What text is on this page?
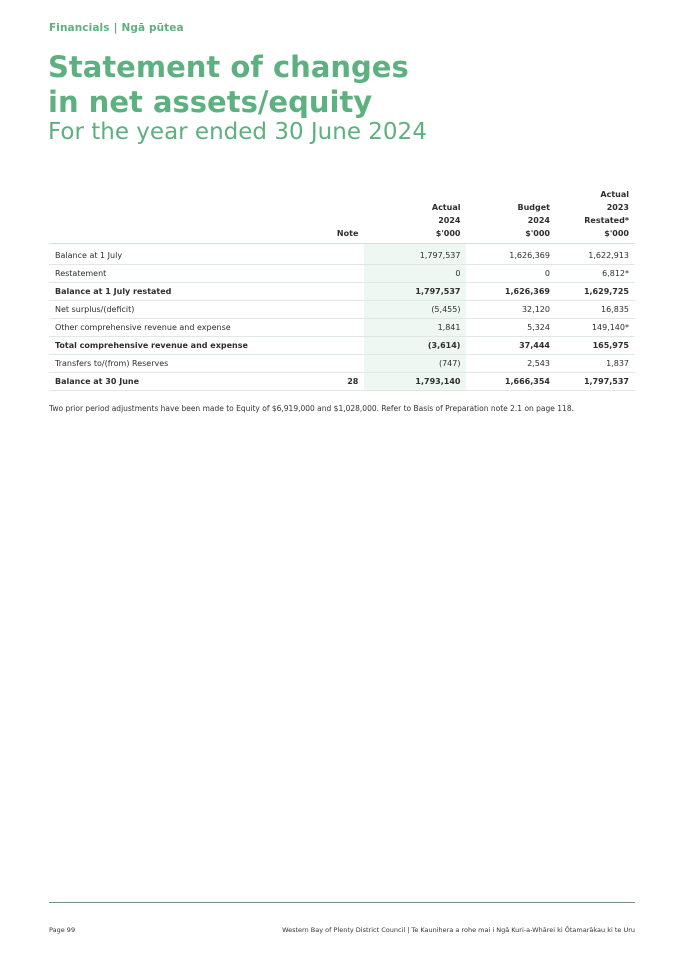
Financials | Ngā pūtea
Statement of changes
in net assets/equity
For the year ended 30 June 2024
	Note	Actual
2024
$'000	Budget
2024
$'000	Actual
2023
Restated*
$'000
Balance at 1 July		1,797,537	1,626,369	1,622,913
Restatement		0	0	6,812*
Balance at 1 July restated		1,797,537	1,626,369	1,629,725
Net surplus/(deficit)		(5,455)	32,120	16,835
Other comprehensive revenue and expense		1,841	5,324	149,140*
Total comprehensive revenue and expense		(3,614)	37,444	165,975
Transfers to/(from) Reserves		(747)	2,543	1,837
Balance at 30 June	28	1,793,140	1,666,354	1,797,537
Two prior period adjustments have been made to Equity of $6,919,000 and $1,028,000. Refer to Basis of Preparation note 2.1 on page 118.
Page 99	Western Bay of Plenty District Council | Te Kaunihera a rohe mai i Ngā Kuri-a-Whārei ki Ōtamarākau ki te Uru
